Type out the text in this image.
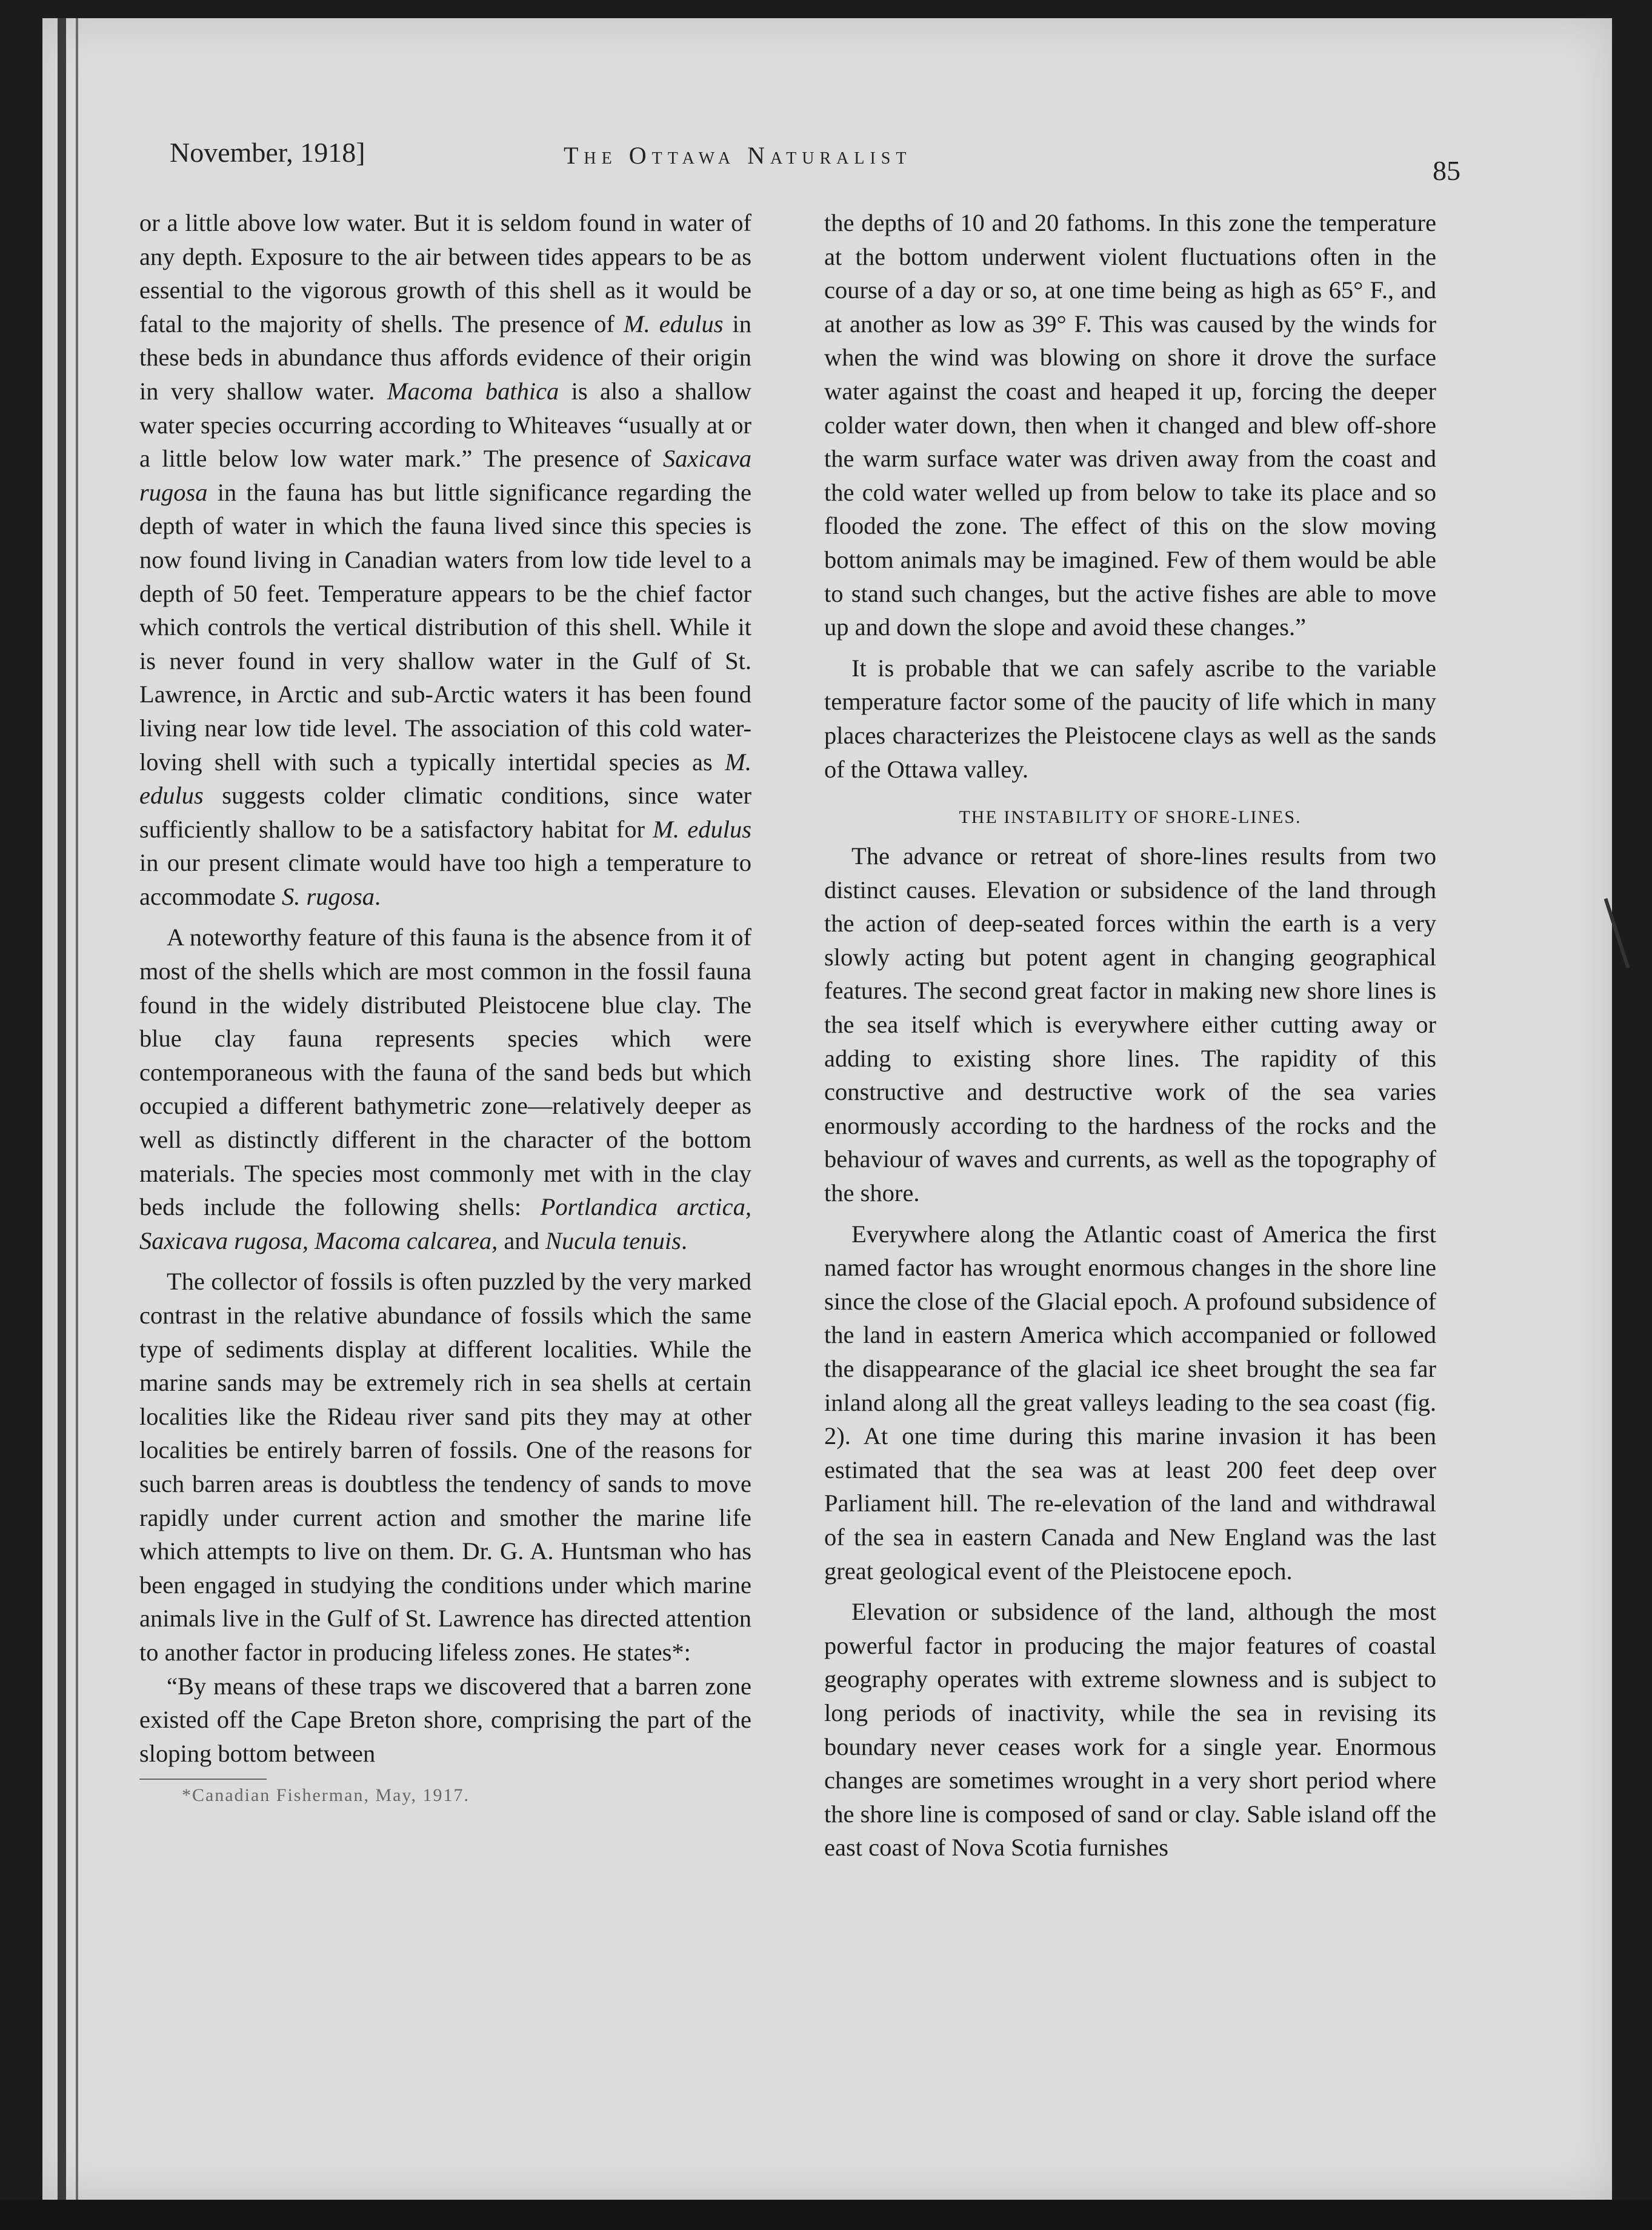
November, 1918]	The Ottawa Naturalist	85

or a little above low water. But it is seldom found in water of any depth. Exposure to the air between tides appears to be as essential to the vigorous growth of this shell as it would be fatal to the majority of shells. The presence of M. edulus in these beds in abundance thus affords evidence of their origin in very shallow water. Macoma bathica is also a shallow water species occurring according to Whiteaves “usually at or a little below low water mark.” The presence of Saxicava rugosa in the fauna has but little significance regarding the depth of water in which the fauna lived since this species is now found living in Canadian waters from low tide level to a depth of 50 feet. Temperature appears to be the chief factor which controls the vertical distribution of this shell. While it is never found in very shallow water in the Gulf of St. Lawrence, in Arctic and sub-Arctic waters it has been found living near low tide level. The association of this cold water-loving shell with such a typically intertidal species as M. edulus suggests colder climatic conditions, since water sufficiently shallow to be a satisfactory habitat for M. edulus in our present climate would have too high a temperature to accommodate S. rugosa.

A noteworthy feature of this fauna is the absence from it of most of the shells which are most common in the fossil fauna found in the widely distributed Pleistocene blue clay. The blue clay fauna represents species which were contemporaneous with the fauna of the sand beds but which occupied a different bathymetric zone—relatively deeper as well as distinctly different in the character of the bottom materials. The species most commonly met with in the clay beds include the following shells: Portlandica arctica, Saxicava rugosa, Macoma calcarea, and Nucula tenuis.

The collector of fossils is often puzzled by the very marked contrast in the relative abundance of fossils which the same type of sediments display at different localities. While the marine sands may be extremely rich in sea shells at certain localities like the Rideau river sand pits they may at other localities be entirely barren of fossils. One of the reasons for such barren areas is doubtless the tendency of sands to move rapidly under current action and smother the marine life which attempts to live on them. Dr. G. A. Huntsman who has been engaged in studying the conditions under which marine animals live in the Gulf of St. Lawrence has directed attention to another factor in producing lifeless zones. He states*:

“By means of these traps we discovered that a barren zone existed off the Cape Breton shore, comprising the part of the sloping bottom between

*Canadian Fisherman, May, 1917.

the depths of 10 and 20 fathoms. In this zone the temperature at the bottom underwent violent fluctuations often in the course of a day or so, at one time being as high as 65° F., and at another as low as 39° F. This was caused by the winds for when the wind was blowing on shore it drove the surface water against the coast and heaped it up, forcing the deeper colder water down, then when it changed and blew off-shore the warm surface water was driven away from the coast and the cold water welled up from below to take its place and so flooded the zone. The effect of this on the slow moving bottom animals may be imagined. Few of them would be able to stand such changes, but the active fishes are able to move up and down the slope and avoid these changes.”

It is probable that we can safely ascribe to the variable temperature factor some of the paucity of life which in many places characterizes the Pleistocene clays as well as the sands of the Ottawa valley.

THE INSTABILITY OF SHORE-LINES.

The advance or retreat of shore-lines results from two distinct causes. Elevation or subsidence of the land through the action of deep-seated forces within the earth is a very slowly acting but potent agent in changing geographical features. The second great factor in making new shore lines is the sea itself which is everywhere either cutting away or adding to existing shore lines. The rapidity of this constructive and destructive work of the sea varies enormously according to the hardness of the rocks and the behaviour of waves and currents, as well as the topography of the shore.

Everywhere along the Atlantic coast of America the first named factor has wrought enormous changes in the shore line since the close of the Glacial epoch. A profound subsidence of the land in eastern America which accompanied or followed the disappearance of the glacial ice sheet brought the sea far inland along all the great valleys leading to the sea coast (fig. 2). At one time during this marine invasion it has been estimated that the sea was at least 200 feet deep over Parliament hill. The re-elevation of the land and withdrawal of the sea in eastern Canada and New England was the last great geological event of the Pleistocene epoch.

Elevation or subsidence of the land, although the most powerful factor in producing the major features of coastal geography operates with extreme slowness and is subject to long periods of inactivity, while the sea in revising its boundary never ceases work for a single year. Enormous changes are sometimes wrought in a very short period where the shore line is composed of sand or clay. Sable island off the east coast of Nova Scotia furnishes
